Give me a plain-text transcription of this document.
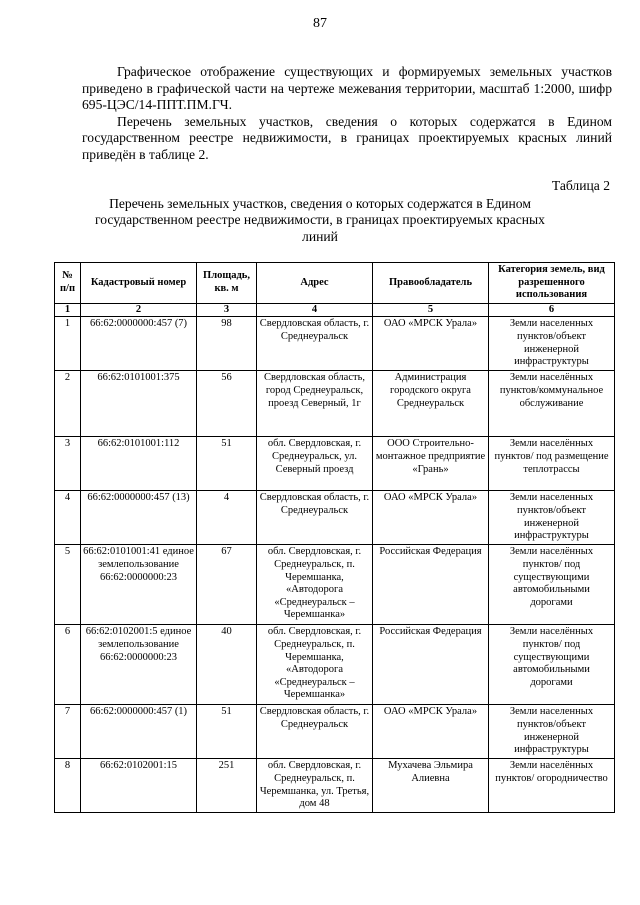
87

Графическое отображение существующих и формируемых земельных участков приведено в графической части на чертеже межевания территории, масштаб 1:2000, шифр 695-ЦЭС/14-ППТ.ПМ.ГЧ.

Перечень земельных участков, сведения о которых содержатся в Едином государственном реестре недвижимости, в границах проектируемых красных линий приведён в таблице 2.

Таблица 2
Перечень земельных участков, сведения о которых содержатся в Едином государственном реестре недвижимости, в границах проектируемых красных линий
№ п/п	Кадастровый номер	Площадь, кв. м	Адрес	Правообладатель	Категория земель, вид разрешенного использования
1	2	3	4	5	6
1	66:62:0000000:457 (7)	98	Свердловская область, г. Среднеуральск	ОАО «МРСК Урала»	Земли населенных пунктов/объект инженерной инфраструктуры
2	66:62:0101001:375	56	Свердловская область, город Среднеуральск, проезд Северный, 1г	Администрация городского округа Среднеуральск	Земли населённых пунктов/коммунальное обслуживание
3	66:62:0101001:112	51	обл. Свердловская, г. Среднеуральск, ул. Северный проезд	ООО Строительно-монтажное предприятие «Грань»	Земли населённых пунктов/ под размещение теплотрассы
4	66:62:0000000:457 (13)	4	Свердловская область, г. Среднеуральск	ОАО «МРСК Урала»	Земли населенных пунктов/объект инженерной инфраструктуры
5	66:62:0101001:41 единое землепользование 66:62:0000000:23	67	обл. Свердловская, г. Среднеуральск, п. Черемшанка, «Автодорога «Среднеуральск – Черемшанка»	Российская Федерация	Земли населённых пунктов/ под существующими автомобильными дорогами
6	66:62:0102001:5 единое землепользование 66:62:0000000:23	40	обл. Свердловская, г. Среднеуральск, п. Черемшанка, «Автодорога «Среднеуральск – Черемшанка»	Российская Федерация	Земли населённых пунктов/ под существующими автомобильными дорогами
7	66:62:0000000:457 (1)	51	Свердловская область, г. Среднеуральск	ОАО «МРСК Урала»	Земли населенных пунктов/объект инженерной инфраструктуры
8	66:62:0102001:15	251	обл. Свердловская, г. Среднеуральск, п. Черемшанка, ул. Третья, дом 48	Мухачева Эльмира Алиевна	Земли населённых пунктов/ огородничество
